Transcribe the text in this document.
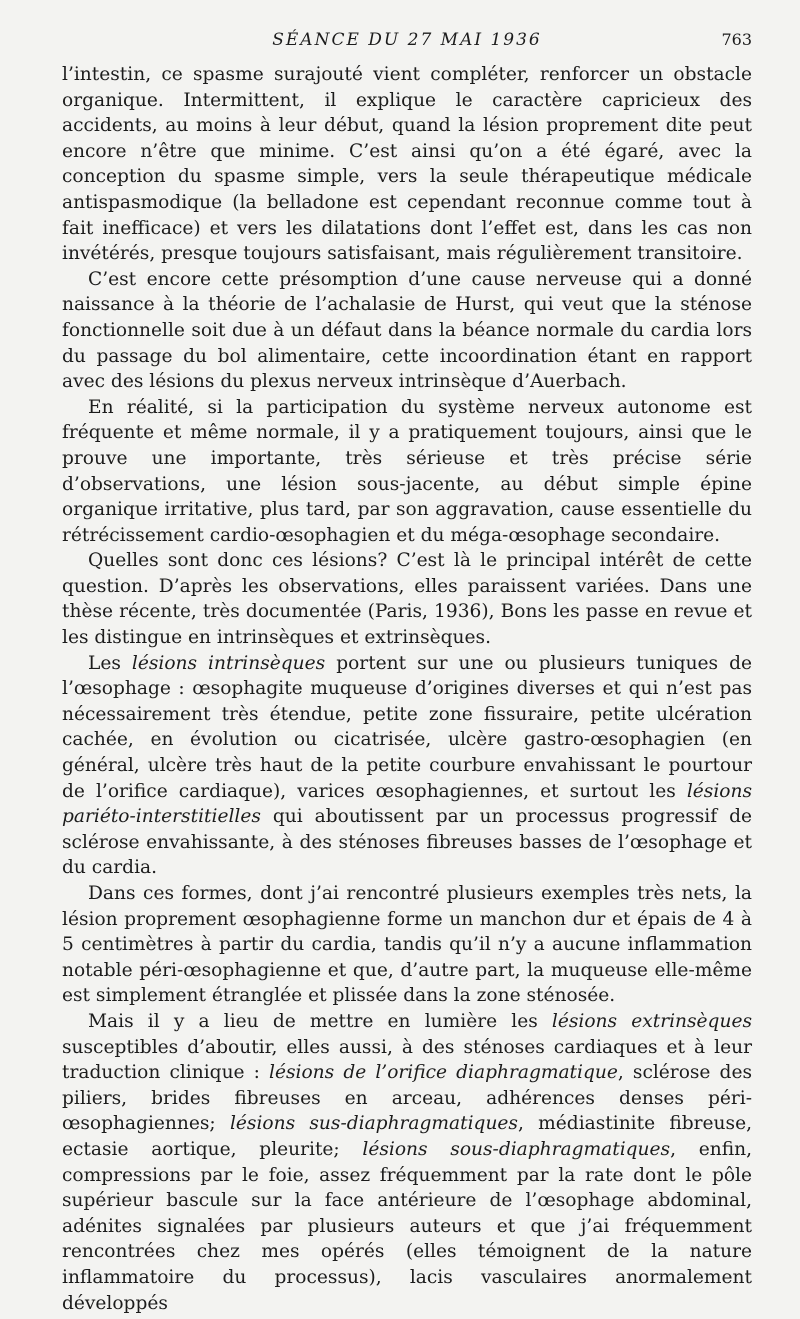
SÉANCE DU 27 MAI 1936	763

l’intestin, ce spasme surajouté vient compléter, renforcer un obstacle organique. Intermittent, il explique le caractère capricieux des accidents, au moins à leur début, quand la lésion proprement dite peut encore n’être que minime. C’est ainsi qu’on a été égaré, avec la conception du spasme simple, vers la seule thérapeutique médicale antispasmodique (la belladone est cependant reconnue comme tout à fait inefficace) et vers les dilatations dont l’effet est, dans les cas non invétérés, presque toujours satisfaisant, mais régulièrement transitoire.

C’est encore cette présomption d’une cause nerveuse qui a donné naissance à la théorie de l’achalasie de Hurst, qui veut que la sténose fonctionnelle soit due à un défaut dans la béance normale du cardia lors du passage du bol alimentaire, cette incoordination étant en rapport avec des lésions du plexus nerveux intrinsèque d’Auerbach.

En réalité, si la participation du système nerveux autonome est fréquente et même normale, il y a pratiquement toujours, ainsi que le prouve une importante, très sérieuse et très précise série d’observations, une lésion sous-jacente, au début simple épine organique irritative, plus tard, par son aggravation, cause essentielle du rétrécissement cardio-œsophagien et du méga-œsophage secondaire.

Quelles sont donc ces lésions? C’est là le principal intérêt de cette question. D’après les observations, elles paraissent variées. Dans une thèse récente, très documentée (Paris, 1936), Bons les passe en revue et les distingue en intrinsèques et extrinsèques.

Les lésions intrinsèques portent sur une ou plusieurs tuniques de l’œsophage : œsophagite muqueuse d’origines diverses et qui n’est pas nécessairement très étendue, petite zone fissuraire, petite ulcération cachée, en évolution ou cicatrisée, ulcère gastro-œsophagien (en général, ulcère très haut de la petite courbure envahissant le pourtour de l’orifice cardiaque), varices œsophagiennes, et surtout les lésions pariéto-interstitielles qui aboutissent par un processus progressif de sclérose envahissante, à des sténoses fibreuses basses de l’œsophage et du cardia.

Dans ces formes, dont j’ai rencontré plusieurs exemples très nets, la lésion proprement œsophagienne forme un manchon dur et épais de 4 à 5 centimètres à partir du cardia, tandis qu’il n’y a aucune inflammation notable péri-œsophagienne et que, d’autre part, la muqueuse elle-même est simplement étranglée et plissée dans la zone sténosée.

Mais il y a lieu de mettre en lumière les lésions extrinsèques susceptibles d’aboutir, elles aussi, à des sténoses cardiaques et à leur traduction clinique : lésions de l’orifice diaphragmatique, sclérose des piliers, brides fibreuses en arceau, adhérences denses péri-œsophagiennes; lésions sus-diaphragmatiques, médiastinite fibreuse, ectasie aortique, pleurite; lésions sous-diaphragmatiques, enfin, compressions par le foie, assez fréquemment par la rate dont le pôle supérieur bascule sur la face antérieure de l’œsophage abdominal, adénites signalées par plusieurs auteurs et que j’ai fréquemment rencontrées chez mes opérés (elles témoignent de la nature inflammatoire du processus), lacis vasculaires anormalement développés
